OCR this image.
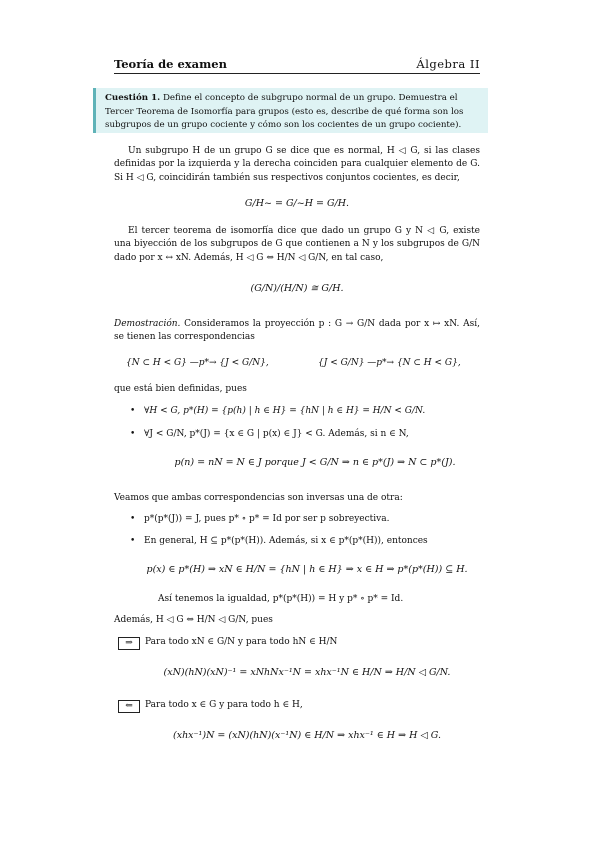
Teoría de examen	Álgebra II
Cuestión 1. Define el concepto de subgrupo normal de un grupo. Demuestra el Tercer Teorema de Isomorfía para grupos (esto es, describe de qué forma son los subgrupos de un grupo cociente y cómo son los cocientes de un grupo cociente).
Un subgrupo H de un grupo G se dice que es normal, H ◁ G, si las clases definidas por la izquierda y la derecha coinciden para cualquier elemento de G. Si H ◁ G, coincidirán también sus respectivos conjuntos cocientes, es decir,
G/H~ = G/~H = G/H.
El tercer teorema de isomorfía dice que dado un grupo G y N ◁ G, existe una biyección de los subgrupos de G que contienen a N y los subgrupos de G/N dado por x ↔ xN. Además, H ◁ G ⇔ H/N ◁ G/N, en tal caso,
(G/N)/(H/N) ≅ G/H.
Demostración. Consideramos la proyección p : G → G/N dada por x ↦ xN. Así, se tienen las correspondencias
{N ⊂ H < G} —p*→ {J < G/N},	{J < G/N} —p*→ {N ⊂ H < G},
que está bien definidas, pues
• ∀H < G, p*(H) = {p(h) | h ∈ H} = {hN | h ∈ H} = H/N < G/N.
• ∀J < G/N, p*(J) = {x ∈ G | p(x) ∈ J} < G. Además, si n ∈ N,
p(n) = nN = N ∈ J porque J < G/N ⇒ n ∈ p*(J) ⇒ N ⊂ p*(J).
Veamos que ambas correspondencias son inversas una de otra:
• p*(p*(J)) = J, pues p* ∘ p* = Id por ser p sobreyectiva.
• En general, H ⊆ p*(p*(H)). Además, si x ∈ p*(p*(H)), entonces
p(x) ∈ p*(H) ⇒ xN ∈ H/N = {hN | h ∈ H} ⇒ x ∈ H ⇒ p*(p*(H)) ⊆ H.
Así tenemos la igualdad, p*(p*(H)) = H y p* ∘ p* = Id.
Además, H ◁ G ⇔ H/N ◁ G/N, pues
⇒	Para todo xN ∈ G/N y para todo hN ∈ H/N
(xN)(hN)(xN)⁻¹ = xNhNx⁻¹N = xhx⁻¹N ∈ H/N ⇒ H/N ◁ G/N.
⇐	Para todo x ∈ G y para todo h ∈ H,
(xhx⁻¹)N = (xN)(hN)(x⁻¹N) ∈ H/N ⇒ xhx⁻¹ ∈ H ⇒ H ◁ G.
